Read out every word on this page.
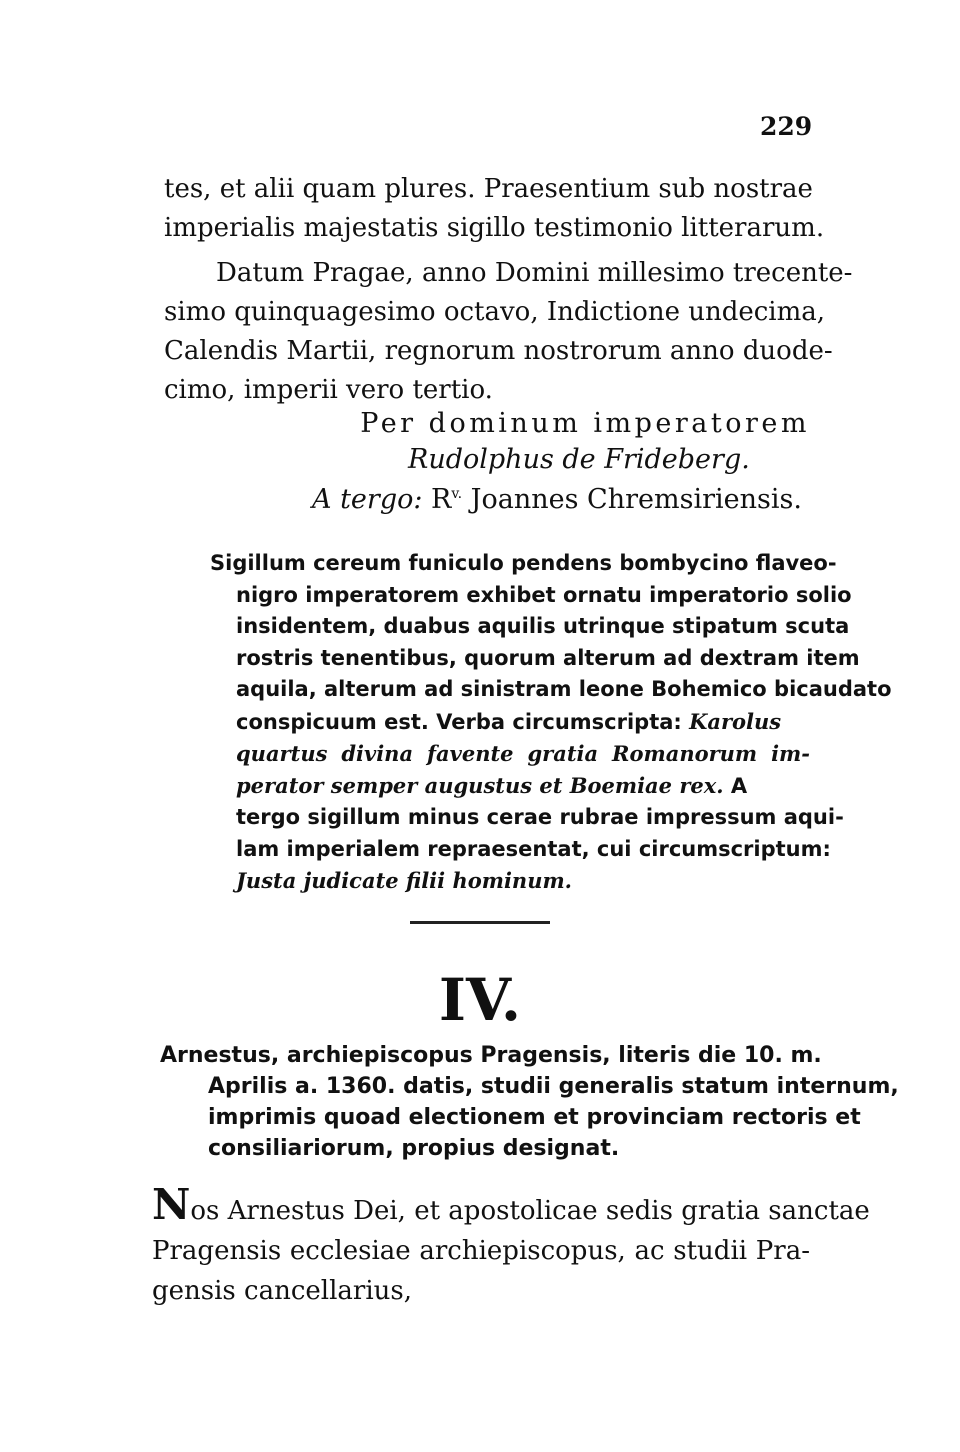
229
tes, et alii quam plures. Praesentium sub nostrae
imperialis majestatis sigillo testimonio litterarum.
Datum Pragae, anno Domini millesimo trecente-
simo quinquagesimo octavo, Indictione undecima,
Calendis Martii, regnorum nostrorum anno duode-
cimo, imperii vero tertio.
Per dominum imperatorem
Rudolphus de Frideberg.
A tergo: $R^{v.}$ Joannes Chremsiriensis.
Sigillum cereum funiculo pendens bombycino flaveo-
nigro imperatorem exhibet ornatu imperatorio solio
insidentem, duabus aquilis utrinque stipatum scuta
rostris tenentibus, quorum alterum ad dextram item
aquila, alterum ad sinistram leone Bohemico bicaudato
conspicuum est. Verba circumscripta: Karolus
quartus divina favente gratia Romanorum im-
perator semper augustus et Boemiae rex. A
tergo sigillum minus cerae rubrae impressum aqui-
lam imperialem repraesentat, cui circumscriptum:
Justa judicate filii hominum.
IV.
Arnestus, archiepiscopus Pragensis, literis die 10. m.
Aprilis a. 1360. datis, studii generalis statum internum,
imprimis quoad electionem et provinciam rectoris et
consiliariorum, propius designat.
Nos Arnestus Dei, et apostolicae sedis gratia sanctae
Pragensis ecclesiae archiepiscopus, ac studii Pra-
gensis cancellarius,
